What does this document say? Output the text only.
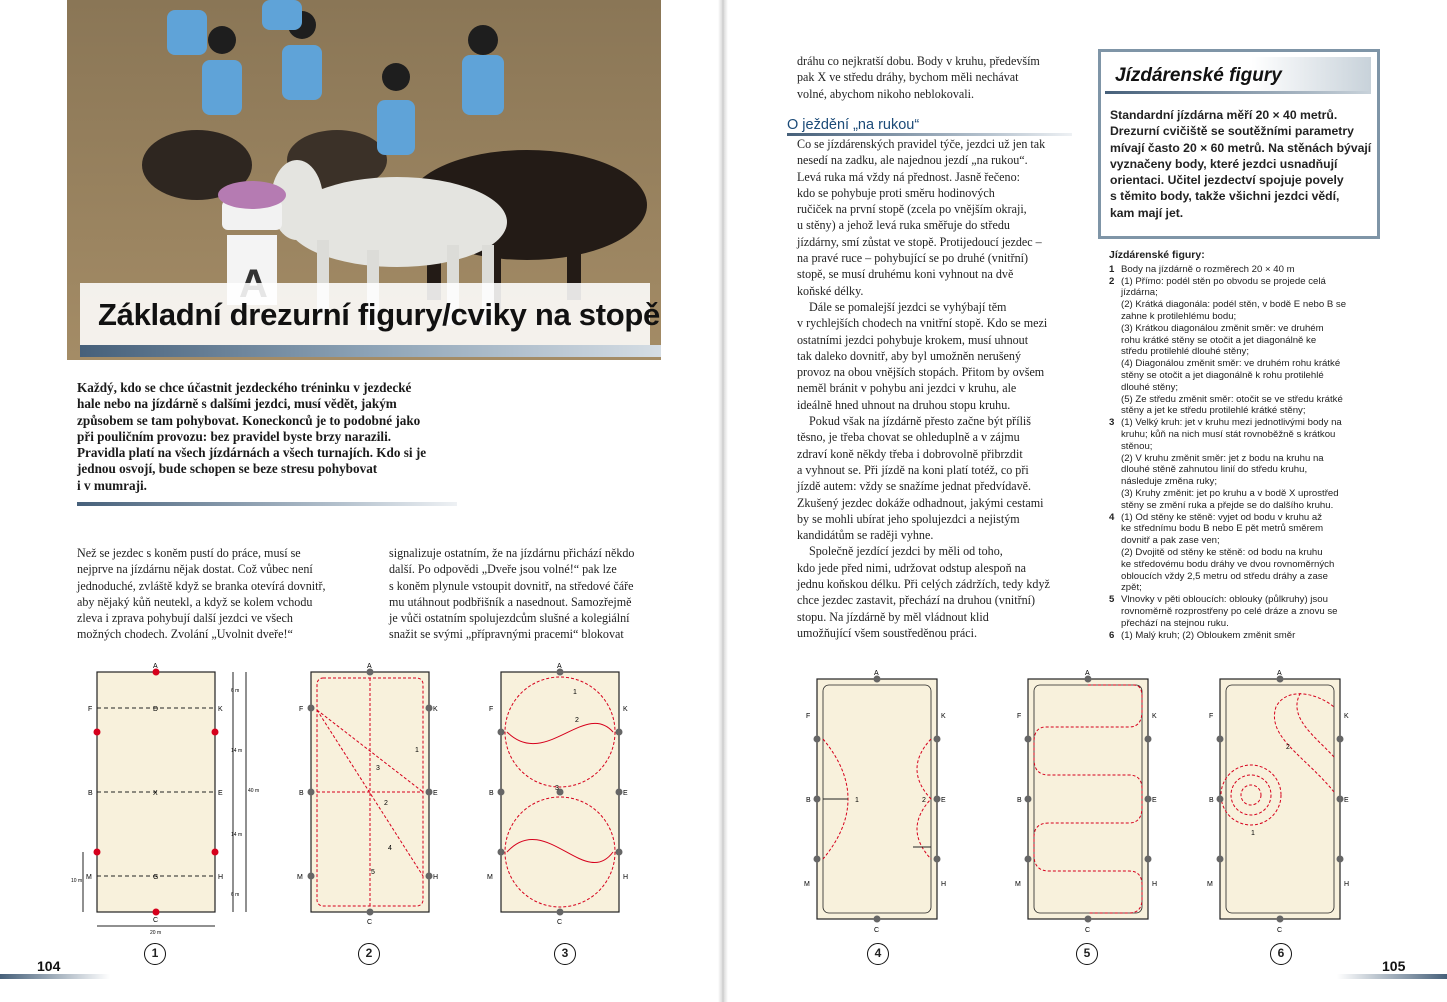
Základní drezurní figury/cviky na stopě

Každý, kdo se chce účastnit jezdeckého tréninku v jezdecké
hale nebo na jízdárně s dalšími jezdci, musí vědět, jakým
způsobem se tam pohybovat. Koneckonců je to podobné jako
při pouličním provozu: bez pravidel byste brzy narazili.
Pravidla platí na všech jízdárnách a všech turnajích. Kdo si je
jednou osvojí, bude schopen se beze stresu pohybovat
i v mumraji.

Než se jezdec s koněm pustí do práce, musí se
nejprve na jízdárnu nějak dostat. Což vůbec není
jednoduché, zvláště když se branka otevírá dovnitř,
aby nějaký kůň neutekl, a když se kolem vchodu
zleva i zprava pohybují další jezdci ve všech
možných chodech. Zvolání „Uvolnit dveře!“

signalizuje ostatním, že na jízdárnu přichází někdo
další. Po odpovědi „Dveře jsou volné!“ pak lze
s koněm plynule vstoupit dovnitř, na středové čáře
mu utáhnout podbřišník a nasednout. Samozřejmě
je vůči ostatním spolujezdcům slušné a kolegiální
snažit se svými „přípravnými pracemi“ blokovat

A
C
F	K
B	E
M	H
D
X
G
6 m
14 m
40 m
14 m
6 m
20 m
10 m
1
A
C
F	K
B	E
M	H
1
2
3
4
5
2
A
C
F	K
B	E
M	H
1
2
3
3
104

dráhu co nejkratší dobu. Body v kruhu, především
pak X ve středu dráhy, bychom měli nechávat
volné, abychom nikoho neblokovali.

O ježdění „na rukou“

Co se jízdárenských pravidel týče, jezdci už jen tak
nesedí na zadku, ale najednou jezdí „na rukou“.
Levá ruka má vždy ná přednost. Jasně řečeno:
kdo se pohybuje proti směru hodinových
ručiček na první stopě (zcela po vnějším okraji,
u stěny) a jehož levá ruka směřuje do středu
jízdárny, smí zůstat ve stopě. Protijedoucí jezdec –
na pravé ruce – pohybující se po druhé (vnitřní)
stopě, se musí druhému koni vyhnout na dvě
koňské délky.

Dále se pomalejší jezdci se vyhýbají těm
v rychlejších chodech na vnitřní stopě. Kdo se mezi
ostatními jezdci pohybuje krokem, musí uhnout
tak daleko dovnitř, aby byl umožněn nerušený
provoz na obou vnějších stopách. Přitom by ovšem
neměl bránit v pohybu ani jezdci v kruhu, ale
ideálně hned uhnout na druhou stopu kruhu.

Pokud však na jízdárně přesto začne být příliš
těsno, je třeba chovat se ohleduplně a v zájmu
zdraví koně někdy třeba i dobrovolně přibrzdit
a vyhnout se. Při jízdě na koni platí totéž, co při
jízdě autem: vždy se snažíme jednat předvídavě.
Zkušený jezdec dokáže odhadnout, jakými cestami
by se mohli ubírat jeho spolujezdci a nejistým
kandidátům se raději vyhne.

Společně jezdící jezdci by měli od toho,
kdo jede před nimi, udržovat odstup alespoň na
jednu koňskou délku. Při celých zádržích, tedy když
chce jezdec zastavit, přechází na druhou (vnitřní)
stopu. Na jízdárně by měl vládnout klid
umožňující všem soustředěnou práci.

Jízdárenské figury
Standardní jízdárna měří 20 × 40 metrů.
Drezurní cvičiště se soutěžními parametry
mívají často 20 × 60 metrů. Na stěnách bývají
vyznačeny body, které jezdci usnadňují
orientaci. Učitel jezdectví spojuje povely
s těmito body, takže všichni jezdci vědí,
kam mají jet.
Jízdárenské figury:
1 Body na jízdárně o rozměrech 20 × 40 m
2 (1) Přímo: podél stěn po obvodu se projede celá
jízdárna;
(2) Krátká diagonála: podél stěn, v bodě E nebo B se
zahne k protilehlému bodu;
(3) Krátkou diagonálou změnit směr: ve druhém
rohu krátké stěny se otočit a jet diagonálně ke
středu protilehlé dlouhé stěny;
(4) Diagonálou změnit směr: ve druhém rohu krátké
stěny se otočit a jet diagonálně k rohu protilehlé
dlouhé stěny;
(5) Ze středu změnit směr: otočit se ve středu krátké
stěny a jet ke středu protilehlé krátké stěny;
3 (1) Velký kruh: jet v kruhu mezi jednotlivými body na
kruhu; kůň na nich musí stát rovnoběžně s krátkou
stěnou;
(2) V kruhu změnit směr: jet z bodu na kruhu na
dlouhé stěně zahnutou linií do středu kruhu,
následuje změna ruky;
(3) Kruhy změnit: jet po kruhu a v bodě X uprostřed
stěny se změní ruka a přejde se do dalšího kruhu.
4 (1) Od stěny ke stěně: vyjet od bodu v kruhu až
ke střednímu bodu B nebo E pět metrů směrem
dovnitř a pak zase ven;
(2) Dvojitě od stěny ke stěně: od bodu na kruhu
ke středovému bodu dráhy ve dvou rovnoměrných
obloucích vždy 2,5 metru od středu dráhy a zase
zpět;
5 Vlnovky v pěti obloucích: oblouky (půlkruhy) jsou
rovnoměrně rozprostřeny po celé dráze a znovu se
přechází na stejnou ruku.
6 (1) Malý kruh; (2) Obloukem změnit směr
A
C
F	K
B	E
M	H
1	2
4
A
C
F	K
B	E
M	H
5
A
C
F	K
B	E
M	H
1
2
6
105
